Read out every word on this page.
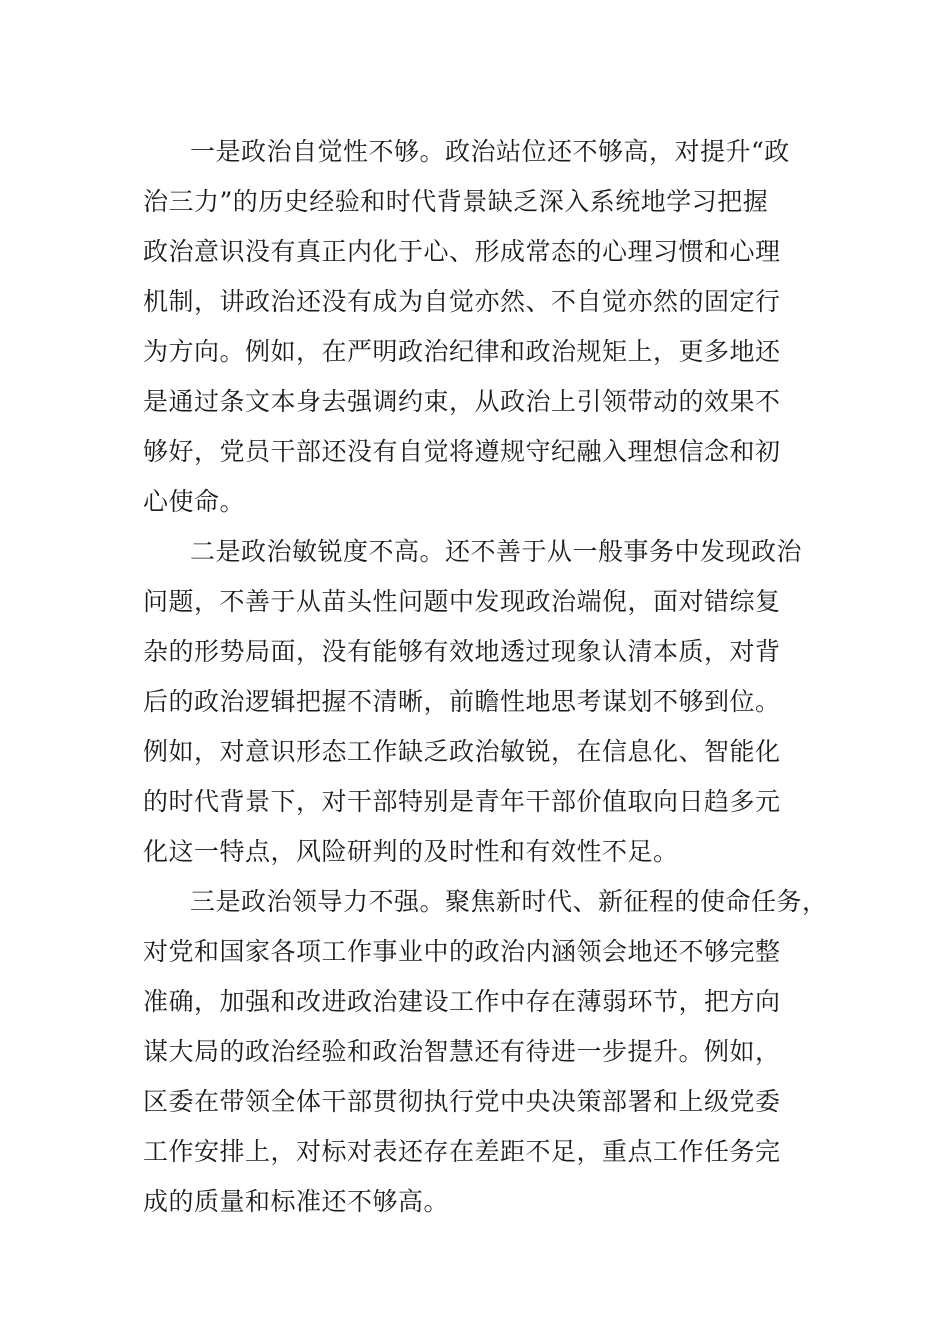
一是政治自觉性不够。政治站位还不够高，对提升“政
治三力”的历史经验和时代背景缺乏深入系统地学习把握
政治意识没有真正内化于心、形成常态的心理习惯和心理
机制，讲政治还没有成为自觉亦然、不自觉亦然的固定行
为方向。例如，在严明政治纪律和政治规矩上，更多地还
是通过条文本身去强调约束，从政治上引领带动的效果不
够好，党员干部还没有自觉将遵规守纪融入理想信念和初
心使命。
二是政治敏锐度不高。还不善于从一般事务中发现政治
问题，不善于从苗头性问题中发现政治端倪，面对错综复
杂的形势局面，没有能够有效地透过现象认清本质，对背
后的政治逻辑把握不清晰，前瞻性地思考谋划不够到位。
例如，对意识形态工作缺乏政治敏锐，在信息化、智能化
的时代背景下，对干部特别是青年干部价值取向日趋多元
化这一特点，风险研判的及时性和有效性不足。
三是政治领导力不强。聚焦新时代、新征程的使命任务，
对党和国家各项工作事业中的政治内涵领会地还不够完整
准确，加强和改进政治建设工作中存在薄弱环节，把方向
谋大局的政治经验和政治智慧还有待进一步提升。例如，
区委在带领全体干部贯彻执行党中央决策部署和上级党委
工作安排上，对标对表还存在差距不足，重点工作任务完
成的质量和标准还不够高。
